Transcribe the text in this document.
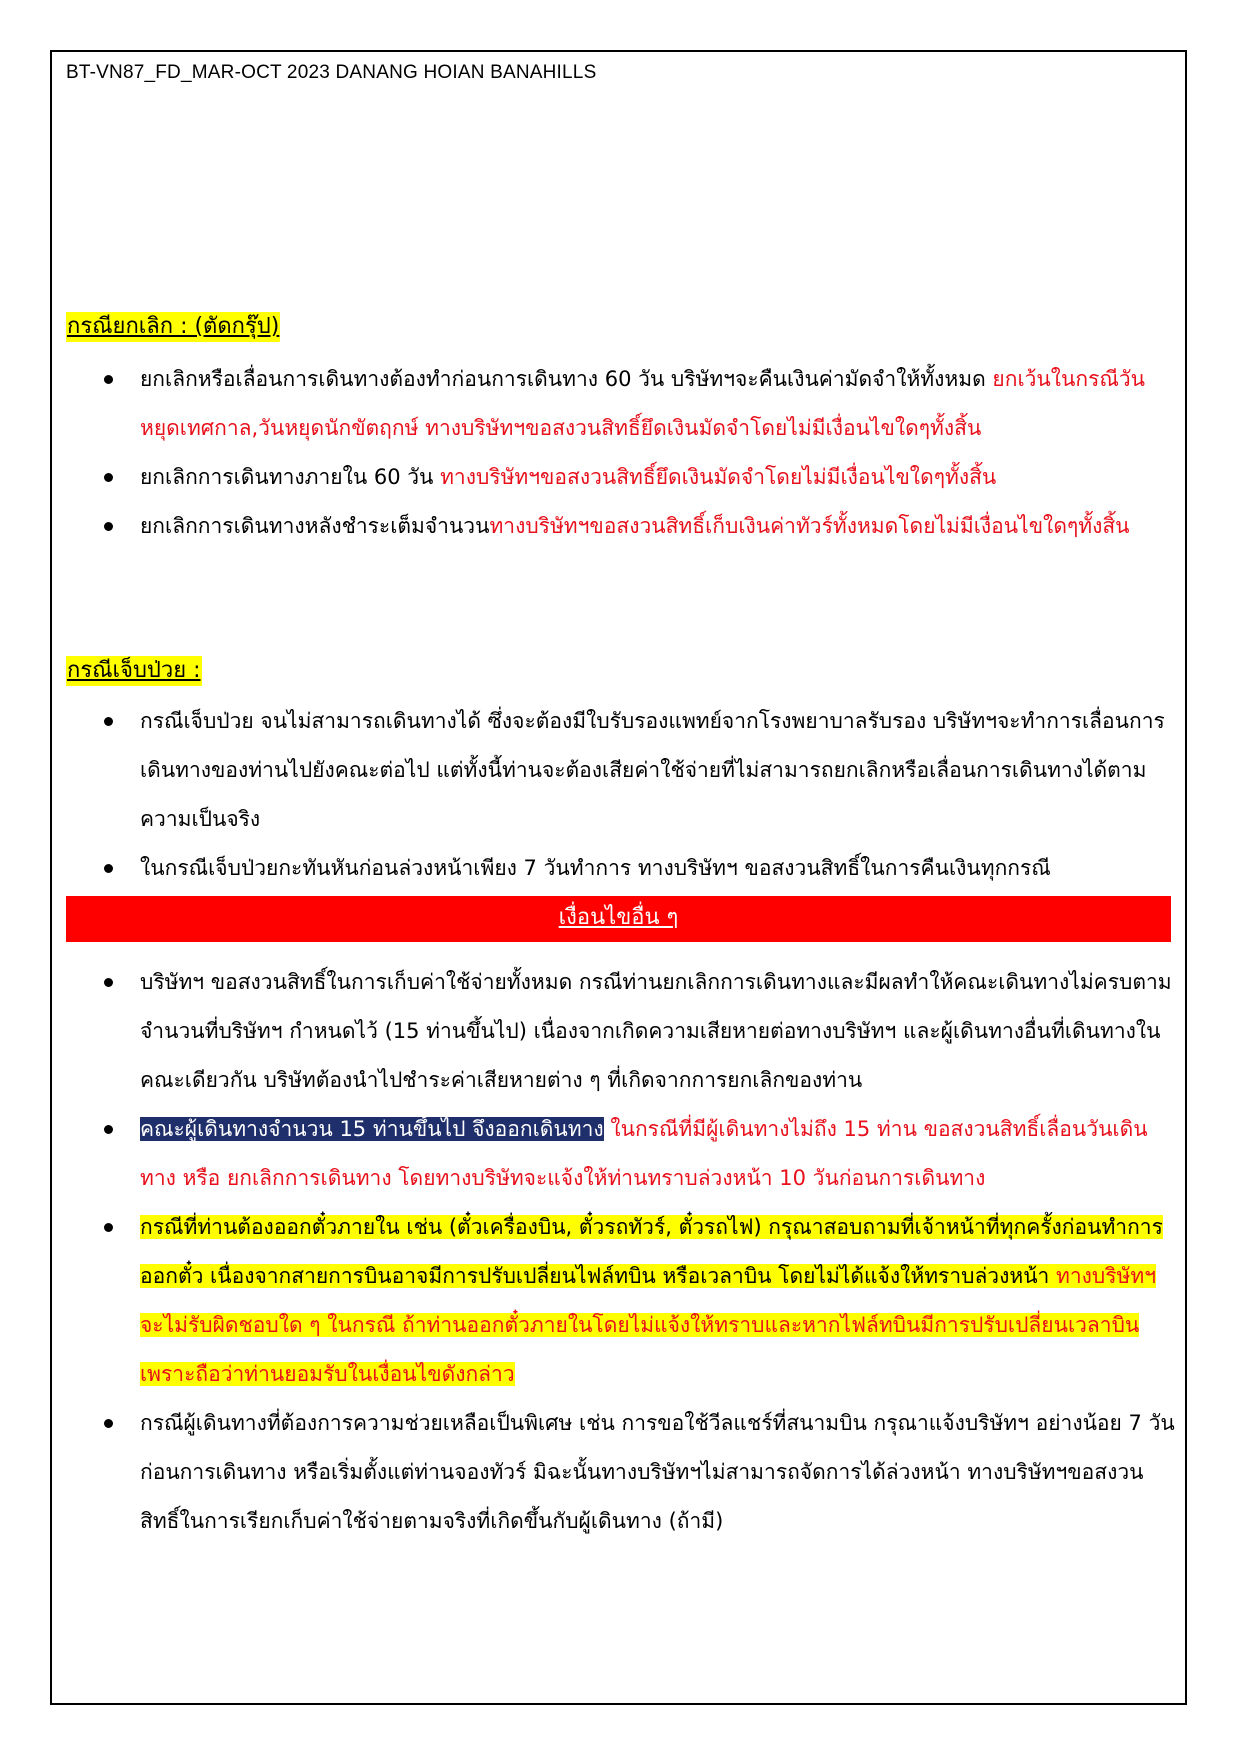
BT-VN87_FD_MAR-OCT 2023 DANANG HOIAN BANAHILLS
กรณียกเลิก : (ตัดกรุ๊ป)
ยกเลิกหรือเลื่อนการเดินทางต้องทำก่อนการเดินทาง 60 วัน บริษัทฯจะคืนเงินค่ามัดจำให้ทั้งหมด ยกเว้นในกรณีวันหยุดเทศกาล,วันหยุดนักขัตฤกษ์ ทางบริษัทฯขอสงวนสิทธิ์ยึดเงินมัดจำโดยไม่มีเงื่อนไขใดๆทั้งสิ้น
ยกเลิกการเดินทางภายใน 60 วัน ทางบริษัทฯขอสงวนสิทธิ์ยึดเงินมัดจำโดยไม่มีเงื่อนไขใดๆทั้งสิ้น
ยกเลิกการเดินทางหลังชำระเต็มจำนวนทางบริษัทฯขอสงวนสิทธิ์เก็บเงินค่าทัวร์ทั้งหมดโดยไม่มีเงื่อนไขใดๆทั้งสิ้น
กรณีเจ็บป่วย :
กรณีเจ็บป่วย จนไม่สามารถเดินทางได้ ซึ่งจะต้องมีใบรับรองแพทย์จากโรงพยาบาลรับรอง บริษัทฯจะทำการเลื่อนการเดินทางของท่านไปยังคณะต่อไป แต่ทั้งนี้ท่านจะต้องเสียค่าใช้จ่ายที่ไม่สามารถยกเลิกหรือเลื่อนการเดินทางได้ตามความเป็นจริง
ในกรณีเจ็บป่วยกะทันหันก่อนล่วงหน้าเพียง 7 วันทำการ ทางบริษัทฯ ขอสงวนสิทธิ์ในการคืนเงินทุกกรณี
เงื่อนไขอื่น ๆ
บริษัทฯ ขอสงวนสิทธิ์ในการเก็บค่าใช้จ่ายทั้งหมด กรณีท่านยกเลิกการเดินทางและมีผลทำให้คณะเดินทางไม่ครบตามจำนวนที่บริษัทฯ กำหนดไว้ (15 ท่านขึ้นไป) เนื่องจากเกิดความเสียหายต่อทางบริษัทฯ และผู้เดินทางอื่นที่เดินทางในคณะเดียวกัน บริษัทต้องนำไปชำระค่าเสียหายต่าง ๆ ที่เกิดจากการยกเลิกของท่าน
คณะผู้เดินทางจำนวน 15 ท่านขึ้นไป จึงออกเดินทาง ในกรณีที่มีผู้เดินทางไม่ถึง 15 ท่าน ขอสงวนสิทธิ์เลื่อนวันเดินทาง หรือ ยกเลิกการเดินทาง โดยทางบริษัทจะแจ้งให้ท่านทราบล่วงหน้า 10 วันก่อนการเดินทาง
กรณีที่ท่านต้องออกตั๋วภายใน เช่น (ตั๋วเครื่องบิน, ตั๋วรถทัวร์, ตั๋วรถไฟ) กรุณาสอบถามที่เจ้าหน้าที่ทุกครั้งก่อนทำการออกตั๋ว เนื่องจากสายการบินอาจมีการปรับเปลี่ยนไฟล์ทบิน หรือเวลาบิน โดยไม่ได้แจ้งให้ทราบล่วงหน้า ทางบริษัทฯ จะไม่รับผิดชอบใด ๆ ในกรณี ถ้าท่านออกตั๋วภายในโดยไม่แจ้งให้ทราบและหากไฟล์ทบินมีการปรับเปลี่ยนเวลาบินเพราะถือว่าท่านยอมรับในเงื่อนไขดังกล่าว
กรณีผู้เดินทางที่ต้องการความช่วยเหลือเป็นพิเศษ เช่น การขอใช้วีลแชร์ที่สนามบิน กรุณาแจ้งบริษัทฯ อย่างน้อย 7 วันก่อนการเดินทาง หรือเริ่มตั้งแต่ท่านจองทัวร์ มิฉะนั้นทางบริษัทฯไม่สามารถจัดการได้ล่วงหน้า ทางบริษัทฯขอสงวนสิทธิ์ในการเรียกเก็บค่าใช้จ่ายตามจริงที่เกิดขึ้นกับผู้เดินทาง (ถ้ามี)
